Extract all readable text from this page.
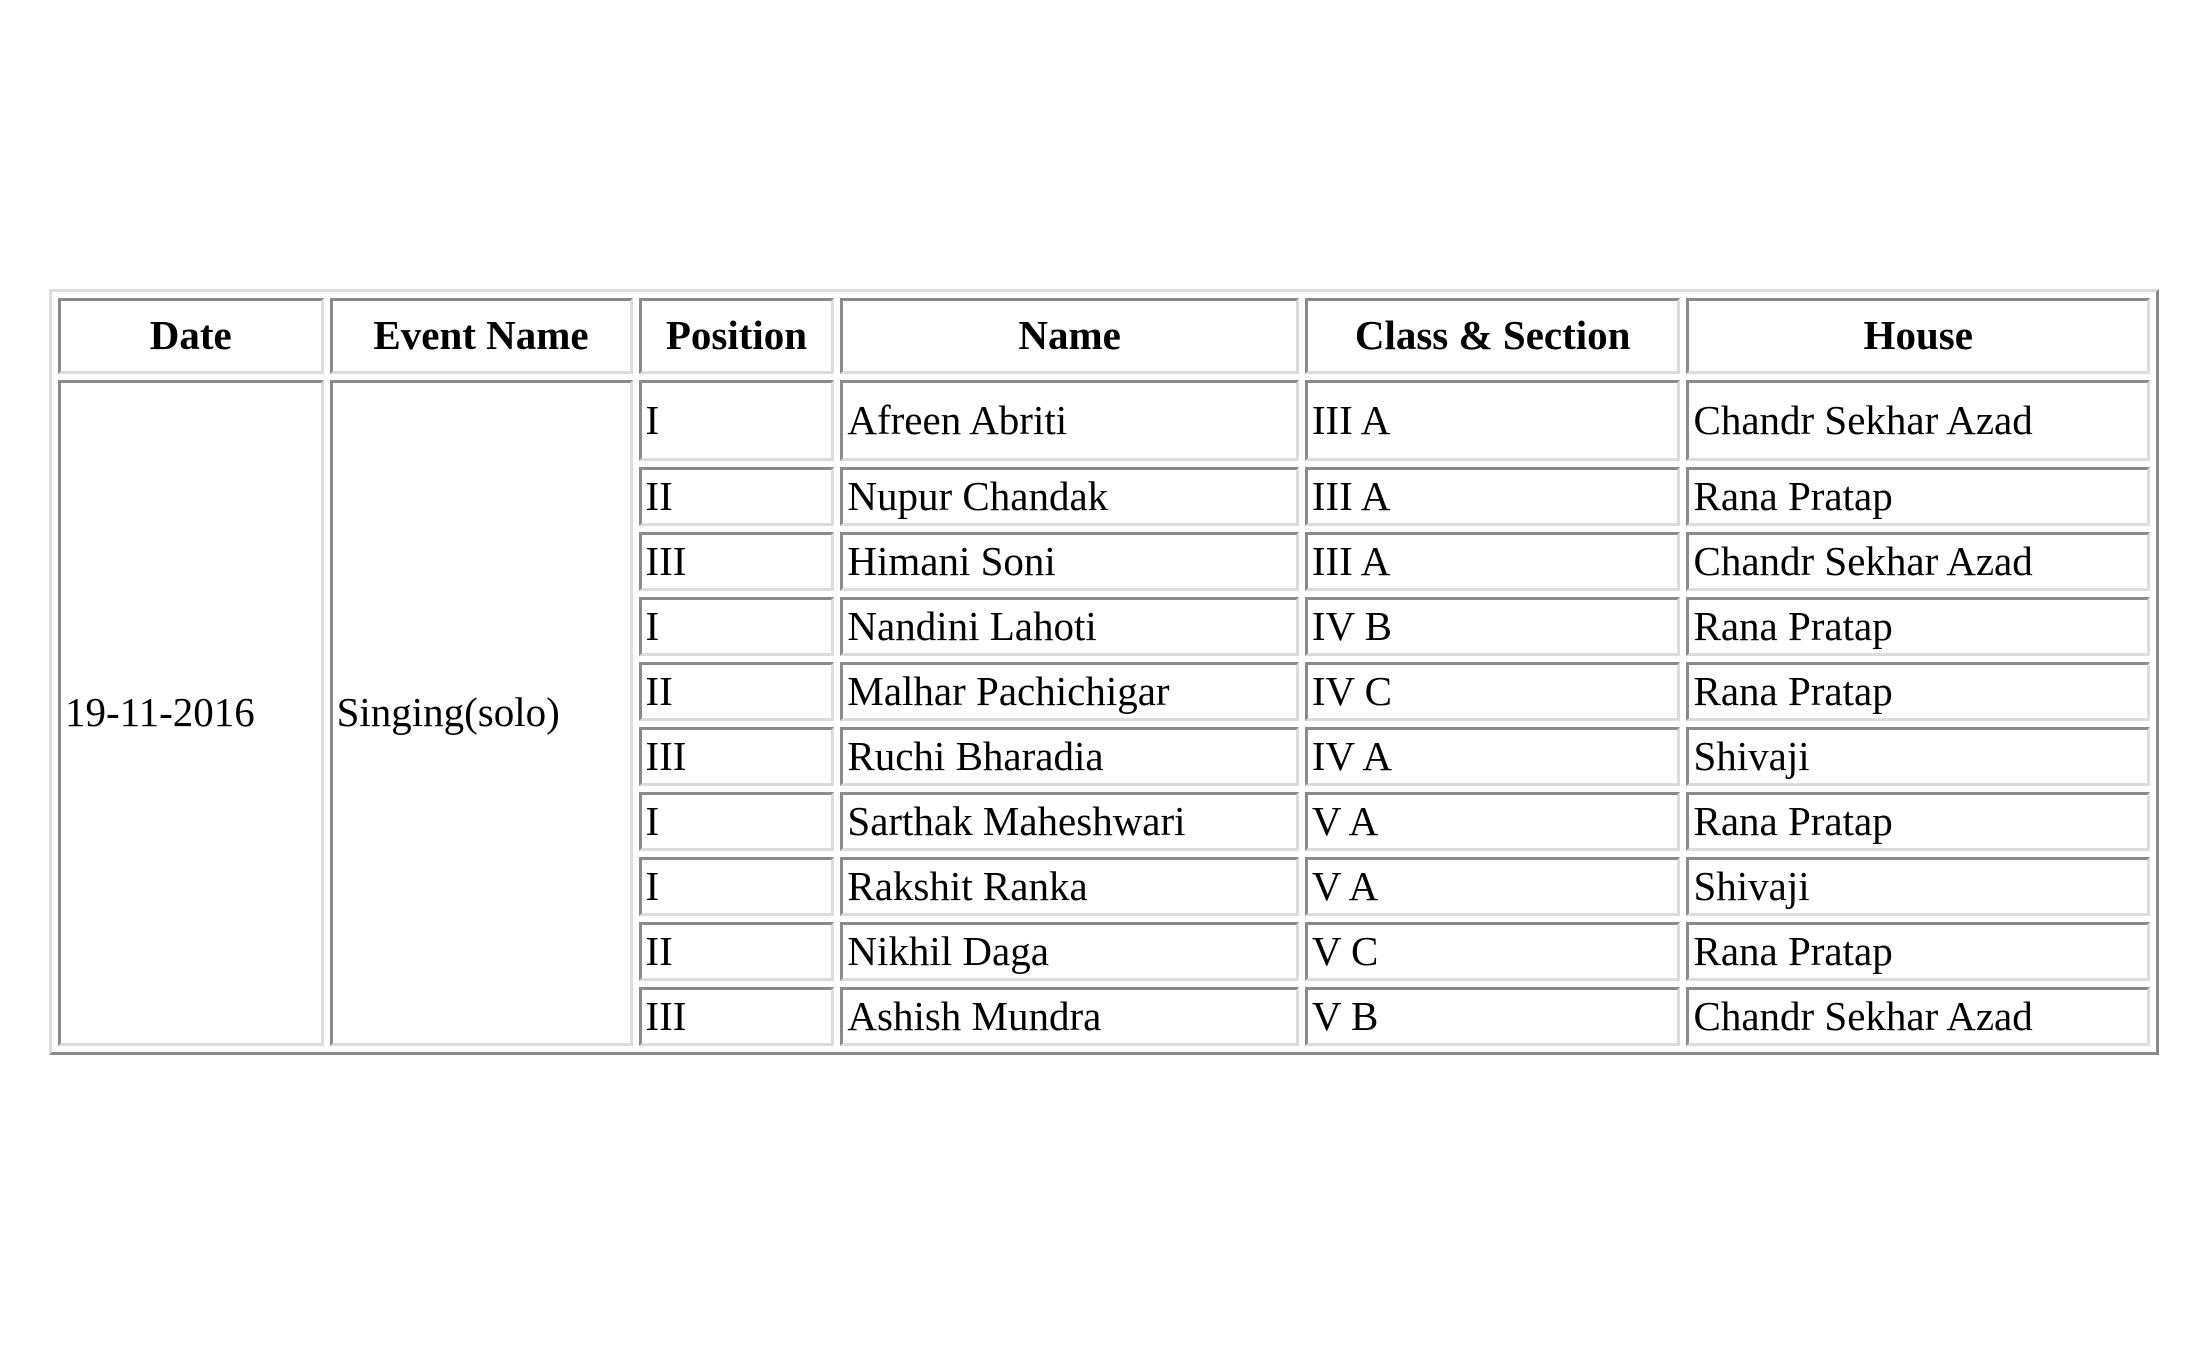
Date	Event Name	Position	Name	Class & Section	House
19-11-2016	Singing(solo)	I	Afreen Abriti	III A	Chandr Sekhar Azad
		II	Nupur Chandak	III A	Rana Pratap
		III	Himani Soni	III A	Chandr Sekhar Azad
		I	Nandini Lahoti	IV B	Rana Pratap
		II	Malhar Pachichigar	IV C	Rana Pratap
		III	Ruchi Bharadia	IV A	Shivaji
		I	Sarthak Maheshwari	V A	Rana Pratap
		I	Rakshit Ranka	V A	Shivaji
		II	Nikhil Daga	V C	Rana Pratap
		III	Ashish Mundra	V B	Chandr Sekhar Azad
